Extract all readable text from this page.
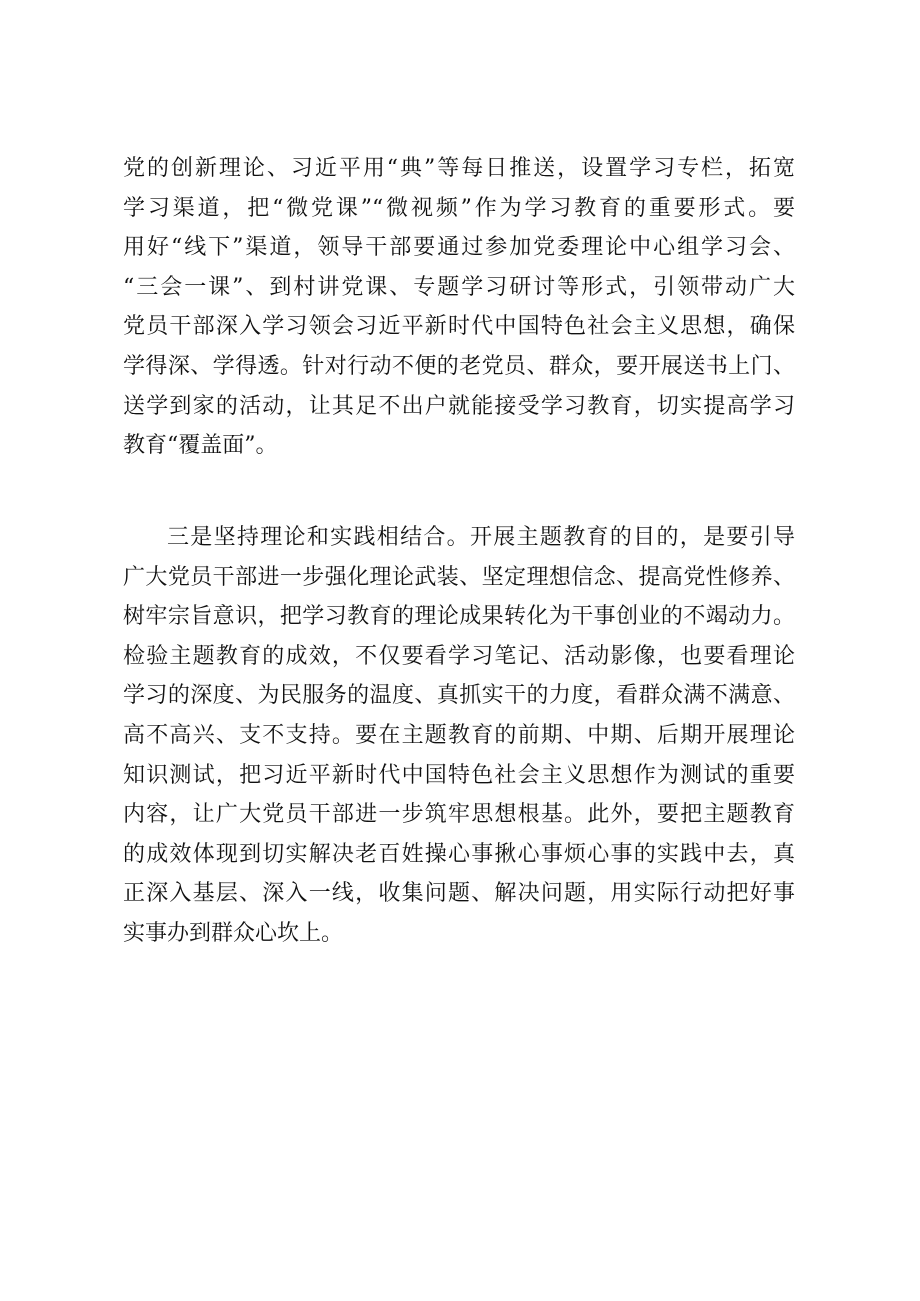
党的创新理论、习近平用“典”等每日推送，设置学习专栏，拓宽
学习渠道，把“微党课”“微视频”作为学习教育的重要形式。要
用好“线下”渠道，领导干部要通过参加党委理论中心组学习会、
“三会一课”、到村讲党课、专题学习研讨等形式，引领带动广大
党员干部深入学习领会习近平新时代中国特色社会主义思想，确保
学得深、学得透。针对行动不便的老党员、群众，要开展送书上门、
送学到家的活动，让其足不出户就能接受学习教育，切实提高学习
教育“覆盖面”。
三是坚持理论和实践相结合。开展主题教育的目的，是要引导
广大党员干部进一步强化理论武装、坚定理想信念、提高党性修养、
树牢宗旨意识，把学习教育的理论成果转化为干事创业的不竭动力。
检验主题教育的成效，不仅要看学习笔记、活动影像，也要看理论
学习的深度、为民服务的温度、真抓实干的力度，看群众满不满意、
高不高兴、支不支持。要在主题教育的前期、中期、后期开展理论
知识测试，把习近平新时代中国特色社会主义思想作为测试的重要
内容，让广大党员干部进一步筑牢思想根基。此外，要把主题教育
的成效体现到切实解决老百姓操心事揪心事烦心事的实践中去，真
正深入基层、深入一线，收集问题、解决问题，用实际行动把好事
实事办到群众心坎上。
